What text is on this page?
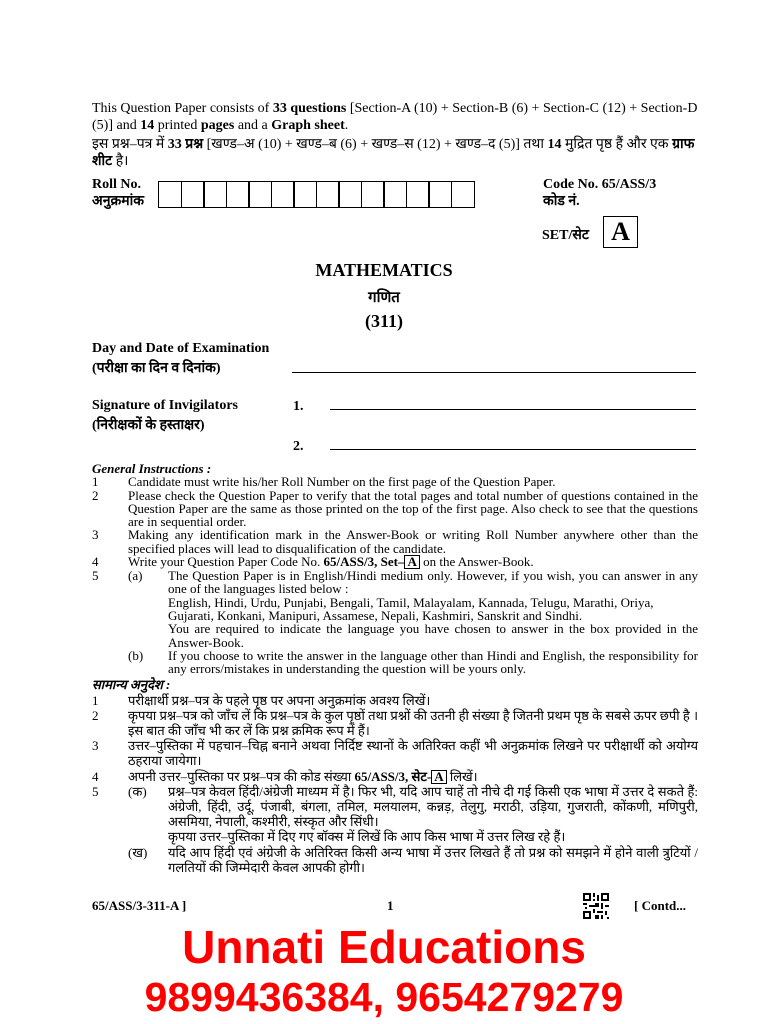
This Question Paper consists of 33 questions [Section-A (10) + Section-B (6) + Section-C (12) + Section-D (5)] and 14 printed pages and a Graph sheet.

इस प्रश्न–पत्र में 33 प्रश्न [खण्ड–अ (10) + खण्ड–ब (6) + खण्ड–स (12) + खण्ड–द (5)] तथा 14 मुद्रित पृष्ठ हैं और एक ग्राफ शीट है।

Roll No.
अनुक्रमांक
Code No. 65/ASS/3
कोड नं.
SET/सेट A
MATHEMATICS
गणित
(311)
Day and Date of Examination
(परीक्षा का दिन व दिनांक)
Signature of Invigilators
(निरीक्षकों के हस्ताक्षर)
1.
2.
General Instructions :
1	Candidate must write his/her Roll Number on the first page of the Question Paper.
2	Please check the Question Paper to verify that the total pages and total number of questions contained in the Question Paper are the same as those printed on the top of the first page. Also check to see that the questions are in sequential order.
3	Making any identification mark in the Answer-Book or writing Roll Number anywhere other than the specified places will lead to disqualification of the candidate.
4	Write your Question Paper Code No. 65/ASS/3, Set– A on the Answer-Book.
5	(a)	The Question Paper is in English/Hindi medium only. However, if you wish, you can answer in any one of the languages listed below :
English, Hindi, Urdu, Punjabi, Bengali, Tamil, Malayalam, Kannada, Telugu, Marathi, Oriya, Gujarati, Konkani, Manipuri, Assamese, Nepali, Kashmiri, Sanskrit and Sindhi.
You are required to indicate the language you have chosen to answer in the box provided in the Answer-Book.
(b)	If you choose to write the answer in the language other than Hindi and English, the responsibility for any errors/mistakes in understanding the question will be yours only.
सामान्य अनुदेश :
1	परीक्षार्थी प्रश्न–पत्र के पहले पृष्ठ पर अपना अनुक्रमांक अवश्य लिखें।
2	कृपया प्रश्न–पत्र को जाँच लें कि प्रश्न–पत्र के कुल पृष्ठों तथा प्रश्नों की उतनी ही संख्या है जितनी प्रथम पृष्ठ के सबसे ऊपर छपी है । इस बात की जाँच भी कर लें कि प्रश्न क्रमिक रूप में हैं।
3	उत्तर–पुस्तिका में पहचान–चिह्न बनाने अथवा निर्दिष्ट स्थानों के अतिरिक्त कहीं भी अनुक्रमांक लिखने पर परीक्षार्थी को अयोग्य ठहराया जायेगा।
4	अपनी उत्तर–पुस्तिका पर प्रश्न–पत्र की कोड संख्या 65/ASS/3, सेट- A लिखें।
5	(क)	प्रश्न–पत्र केवल हिंदी/अंग्रेजी माध्यम में है। फिर भी, यदि आप चाहें तो नीचे दी गई किसी एक भाषा में उत्तर दे सकते हैं: अंग्रेजी, हिंदी, उर्दू, पंजाबी, बंगला, तमिल, मलयालम, कन्नड़, तेलुगु, मराठी, उड़िया, गुजराती, कोंकणी, मणिपुरी, असमिया, नेपाली, कश्मीरी, संस्कृत और सिंधी।
कृपया उत्तर–पुस्तिका में दिए गए बॉक्स में लिखें कि आप किस भाषा में उत्तर लिख रहे हैं।
(ख)	यदि आप हिंदी एवं अंग्रेजी के अतिरिक्त किसी अन्य भाषा में उत्तर लिखते हैं तो प्रश्न को समझने में होने वाली त्रुटियों / गलतियों की जिम्मेदारी केवल आपकी होगी।
65/ASS/3-311-A ]	1	[ Contd...
Unnati Educations
9899436384, 9654279279
